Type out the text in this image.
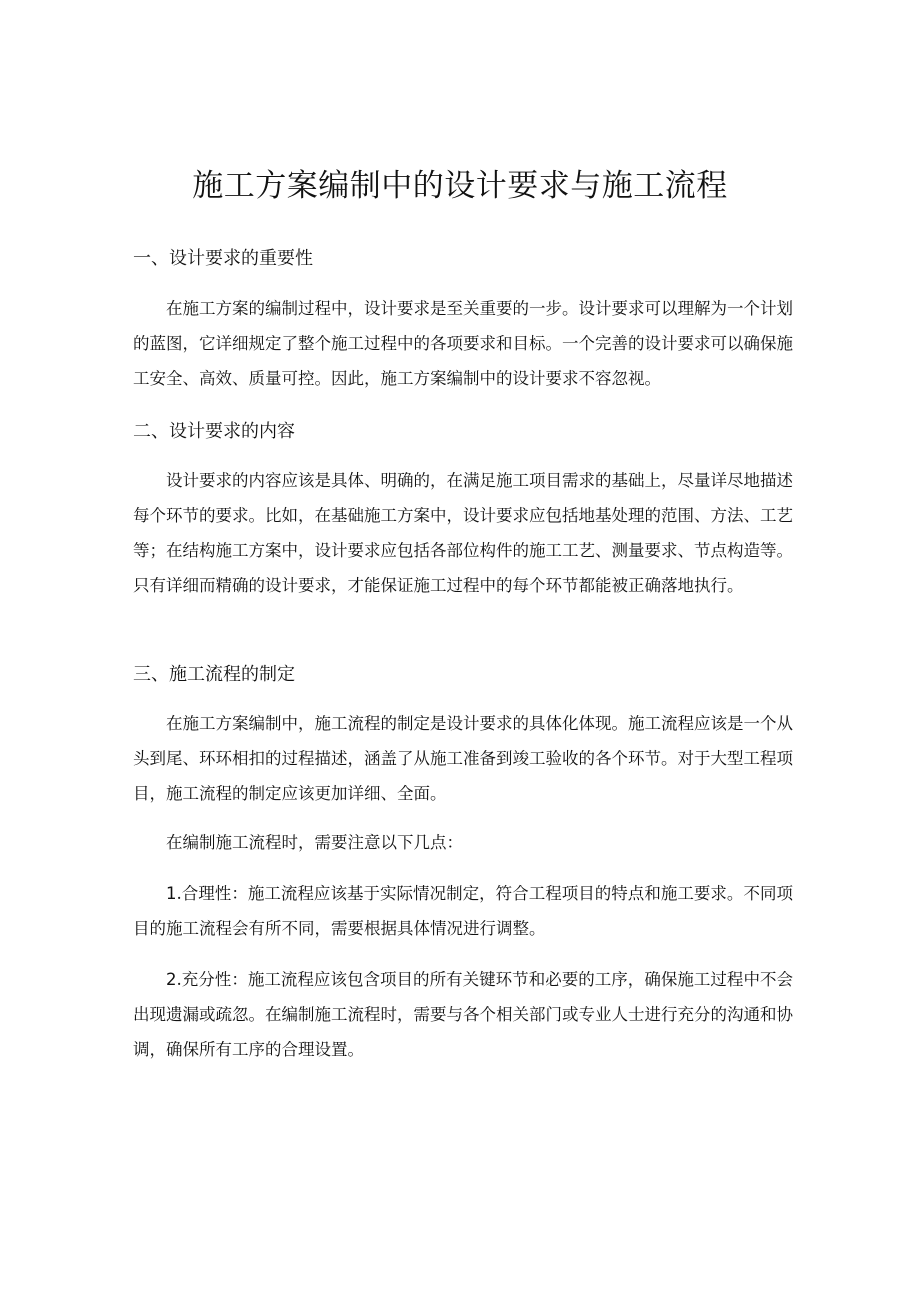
施工方案编制中的设计要求与施工流程
一、设计要求的重要性

在施工方案的编制过程中，设计要求是至关重要的一步。设计要求可以理解为一个计划的蓝图，它详细规定了整个施工过程中的各项要求和目标。一个完善的设计要求可以确保施工安全、高效、质量可控。因此，施工方案编制中的设计要求不容忽视。

二、设计要求的内容

设计要求的内容应该是具体、明确的，在满足施工项目需求的基础上，尽量详尽地描述每个环节的要求。比如，在基础施工方案中，设计要求应包括地基处理的范围、方法、工艺等；在结构施工方案中，设计要求应包括各部位构件的施工工艺、测量要求、节点构造等。只有详细而精确的设计要求，才能保证施工过程中的每个环节都能被正确落地执行。

三、施工流程的制定

在施工方案编制中，施工流程的制定是设计要求的具体化体现。施工流程应该是一个从头到尾、环环相扣的过程描述，涵盖了从施工准备到竣工验收的各个环节。对于大型工程项目，施工流程的制定应该更加详细、全面。

在编制施工流程时，需要注意以下几点：

1.合理性：施工流程应该基于实际情况制定，符合工程项目的特点和施工要求。不同项目的施工流程会有所不同，需要根据具体情况进行调整。

2.充分性：施工流程应该包含项目的所有关键环节和必要的工序，确保施工过程中不会出现遗漏或疏忽。在编制施工流程时，需要与各个相关部门或专业人士进行充分的沟通和协调，确保所有工序的合理设置。
